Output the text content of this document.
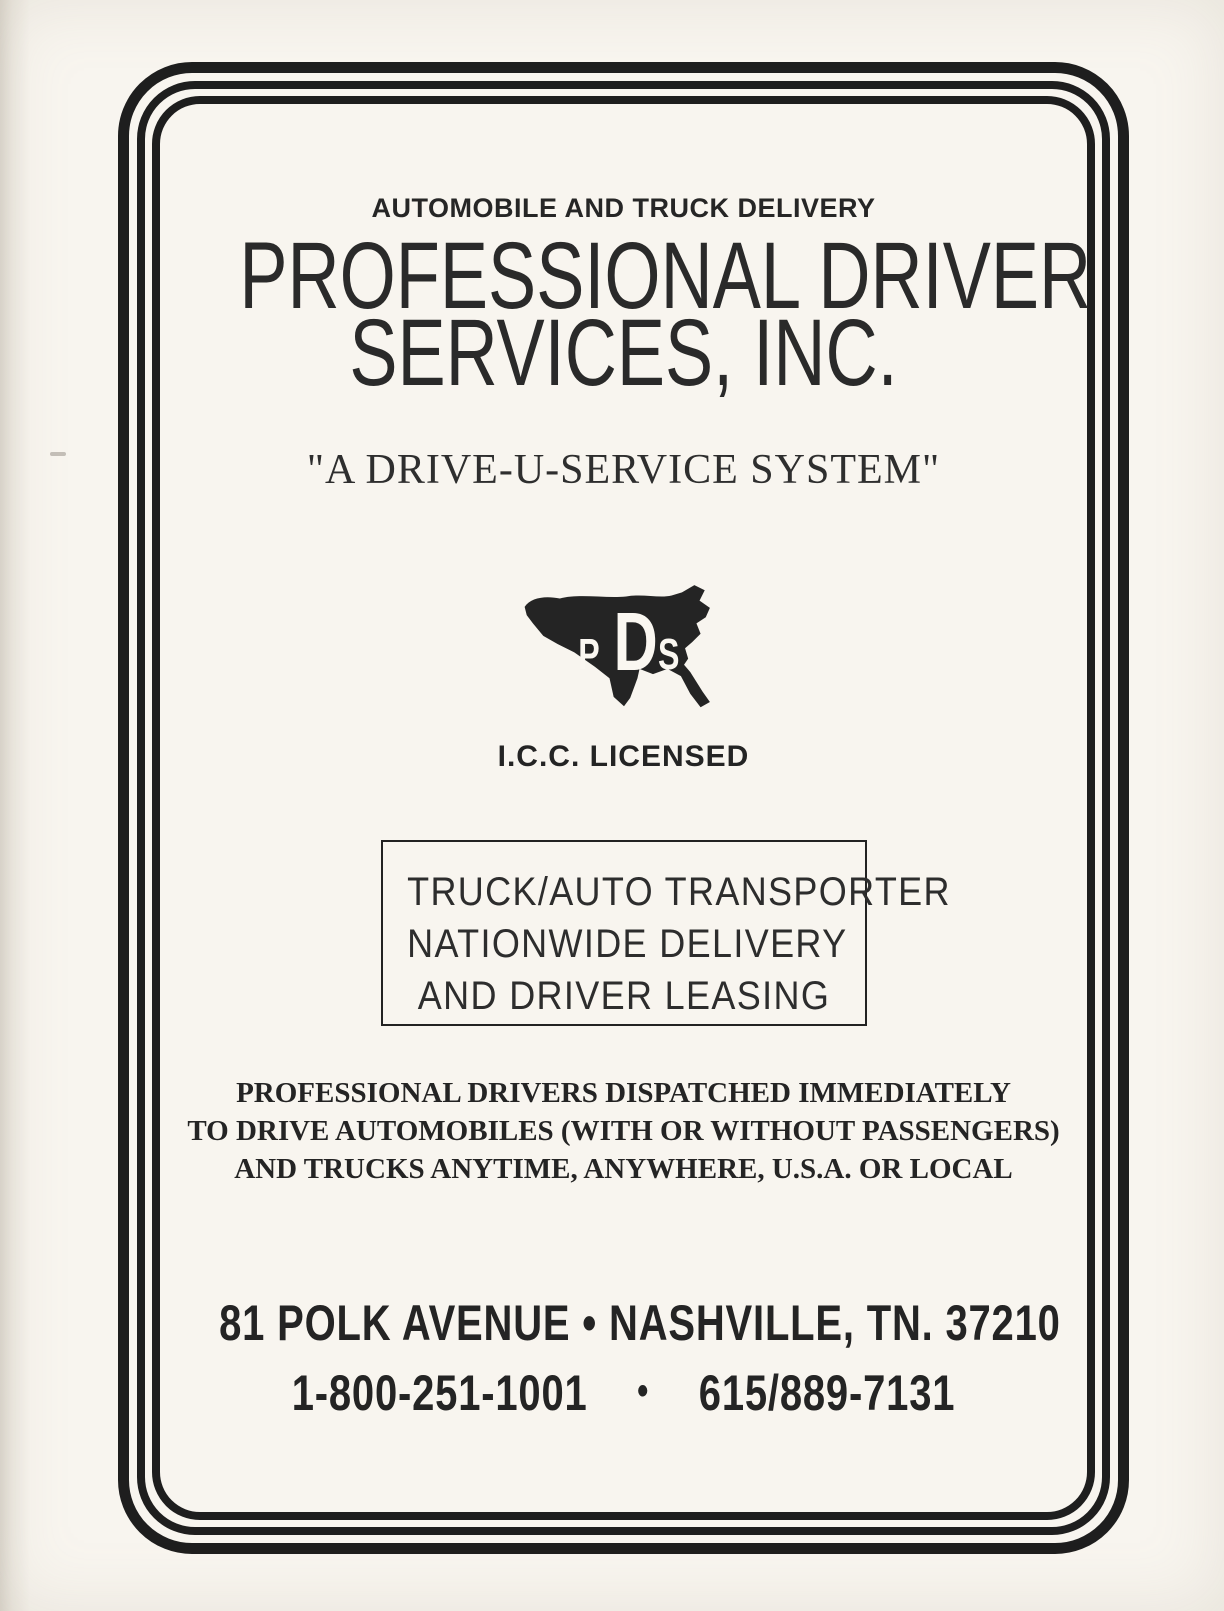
AUTOMOBILE AND TRUCK DELIVERY
PROFESSIONAL DRIVER
SERVICES, INC.
"A DRIVE-U-SERVICE SYSTEM"
P D S
I.C.C. LICENSED
TRUCK/AUTO TRANSPORTER
NATIONWIDE DELIVERY
AND DRIVER LEASING
PROFESSIONAL DRIVERS DISPATCHED IMMEDIATELY
TO DRIVE AUTOMOBILES (WITH OR WITHOUT PASSENGERS)
AND TRUCKS ANYTIME, ANYWHERE, U.S.A. OR LOCAL
81 POLK AVENUE • NASHVILLE, TN. 37210
1-800-251-1001 • 615/889-7131
